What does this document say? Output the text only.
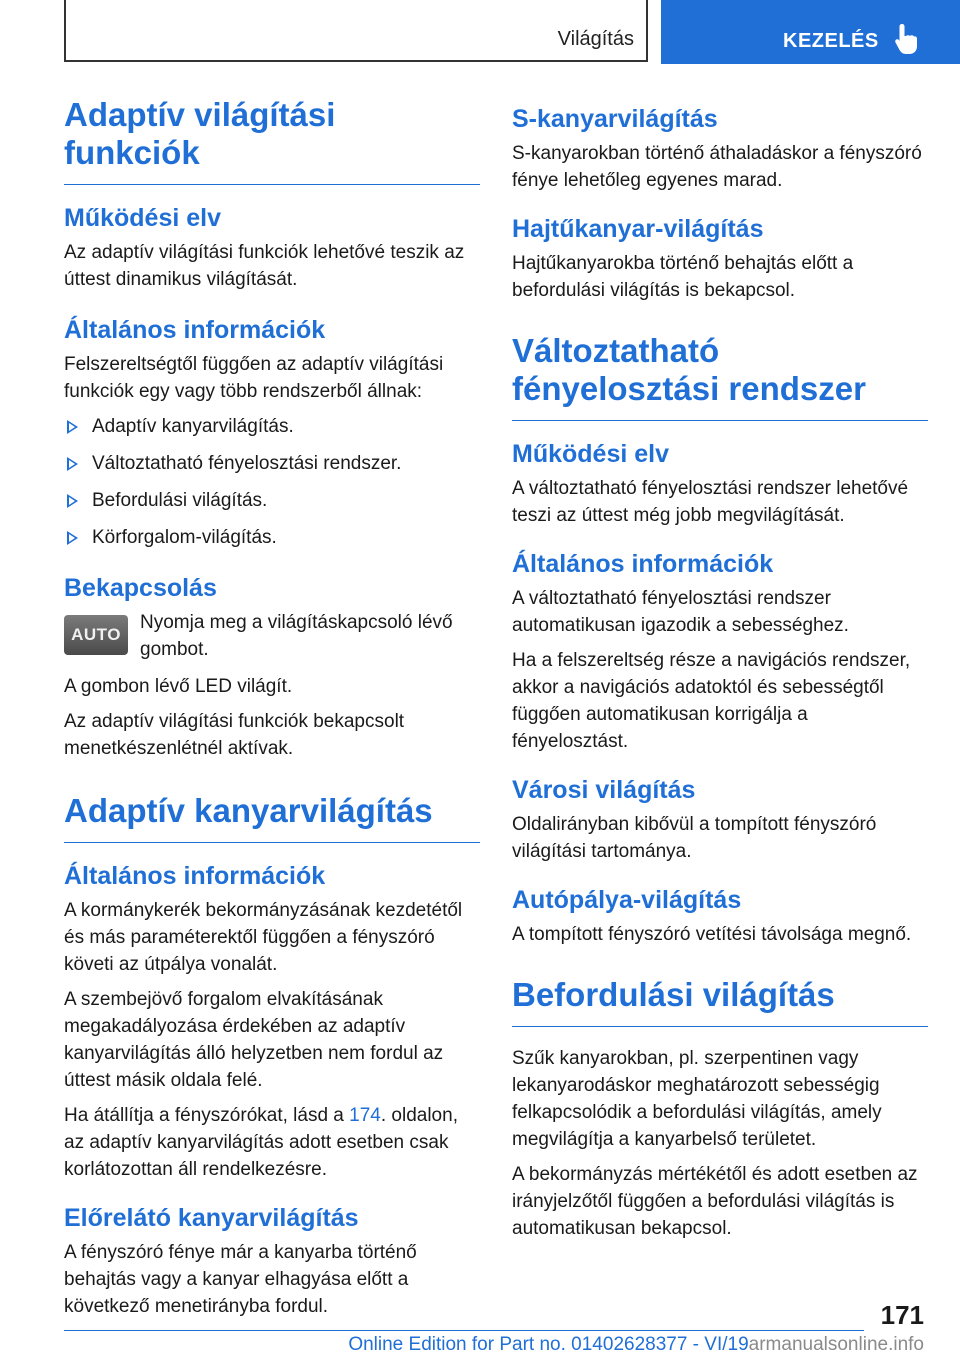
Világítás	KEZELÉS
Adaptív világítási funkciók
Működési elv

Az adaptív világítási funkciók lehetővé teszik az úttest dinamikus világítását.

Általános információk

Felszereltségtől függően az adaptív világítási funkciók egy vagy több rendszerből állnak:

Adaptív kanyarvilágítás.
Változtatható fényelosztási rendszer.
Befordulási világítás.
Körforgalom-világítás.
Bekapcsolás
AUTO

Nyomja meg a világításkapcsoló lévő gombot.

A gombon lévő LED világít.

Az adaptív világítási funkciók bekapcsolt menetkészenlétnél aktívak.

Adaptív kanyarvilágítás
Általános információk

A kormánykerék bekormányzásának kezdetétől és más paraméterektől függően a fényszóró követi az útpálya vonalát.

A szembejövő forgalom elvakításának megakadályozása érdekében az adaptív kanyarvilágítás álló helyzetben nem fordul az úttest másik oldala felé.

Ha átállítja a fényszórókat, lásd a 174. oldalon, az adaptív kanyarvilágítás adott esetben csak korlátozottan áll rendelkezésre.

Előrelátó kanyarvilágítás

A fényszóró fénye már a kanyarba történő behajtás vagy a kanyar elhagyása előtt a következő menetirányba fordul.

S-kanyarvilágítás

S-kanyarokban történő áthaladáskor a fényszóró fénye lehetőleg egyenes marad.

Hajtűkanyar-világítás

Hajtűkanyarokba történő behajtás előtt a befordulási világítás is bekapcsol.

Változtatható fényelosztási rendszer
Működési elv

A változtatható fényelosztási rendszer lehetővé teszi az úttest még jobb megvilágítását.

Általános információk

A változtatható fényelosztási rendszer automatikusan igazodik a sebességhez.

Ha a felszereltség része a navigációs rendszer, akkor a navigációs adatoktól és sebességtől függően automatikusan korrigálja a fényelosztást.

Városi világítás

Oldalirányban kibővül a tompított fényszóró világítási tartománya.

Autópálya-világítás

A tompított fényszóró vetítési távolsága megnő.

Befordulási világítás

Szűk kanyarokban, pl. szerpentinen vagy lekanyarodáskor meghatározott sebességig felkapcsolódik a befordulási világítás, amely megvilágítja a kanyarbelső területet.

A bekormányzás mértékétől és adott esetben az irányjelzőtől függően a befordulási világítás is automatikusan bekapcsol.

171
Online Edition for Part no. 01402628377 - VI/19armanualsonline.info
